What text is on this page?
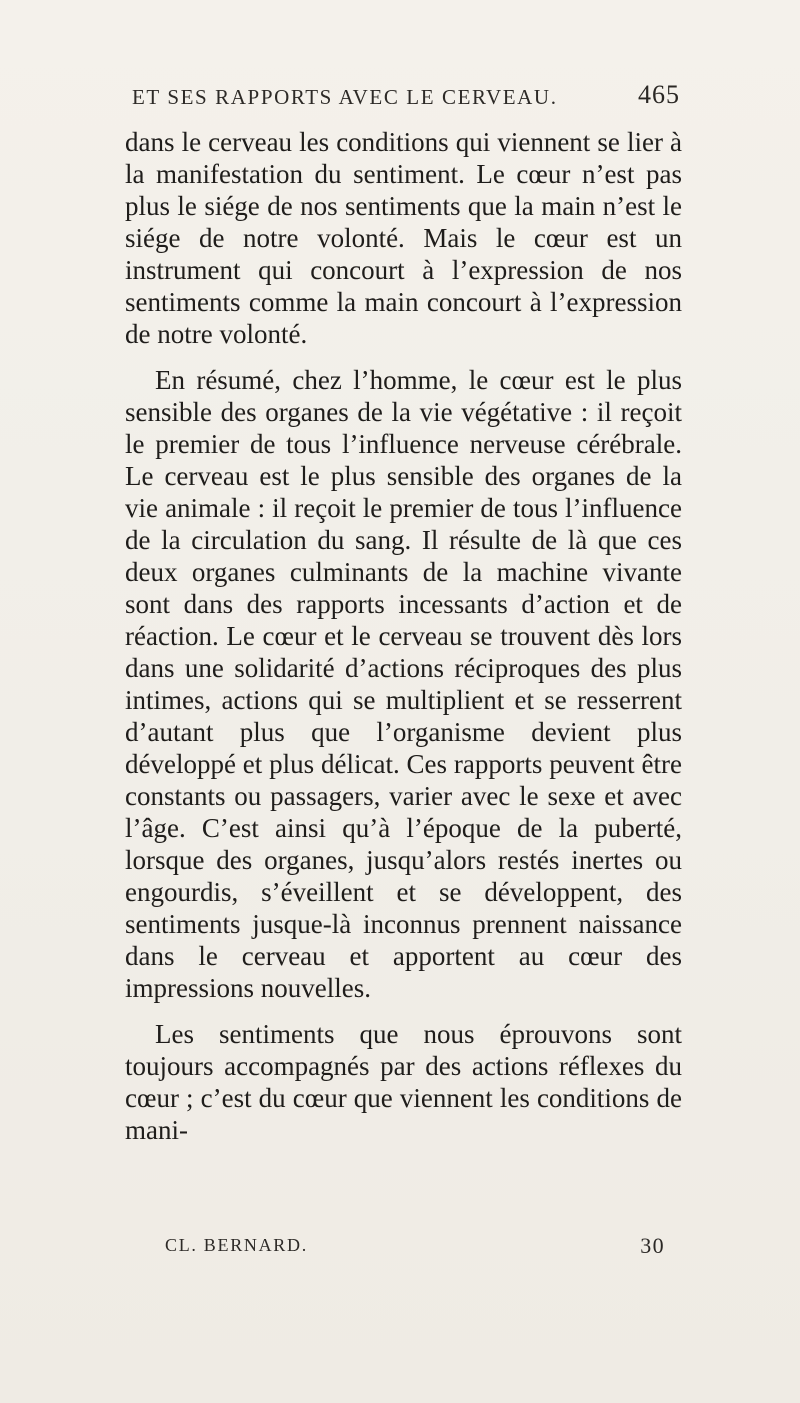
ET SES RAPPORTS AVEC LE CERVEAU.	465

dans le cerveau les conditions qui viennent se lier à la manifestation du sentiment. Le cœur n’est pas plus le siége de nos sentiments que la main n’est le siége de notre volonté. Mais le cœur est un instrument qui concourt à l’expression de nos sentiments comme la main concourt à l’expression de notre volonté.

En résumé, chez l’homme, le cœur est le plus sensible des organes de la vie végétative : il reçoit le premier de tous l’influence nerveuse cérébrale. Le cerveau est le plus sensible des organes de la vie animale : il reçoit le premier de tous l’influence de la circulation du sang. Il résulte de là que ces deux organes culminants de la machine vivante sont dans des rapports incessants d’action et de réaction. Le cœur et le cerveau se trouvent dès lors dans une solidarité d’actions réciproques des plus intimes, actions qui se multiplient et se resserrent d’autant plus que l’organisme devient plus développé et plus délicat. Ces rapports peuvent être constants ou passagers, varier avec le sexe et avec l’âge. C’est ainsi qu’à l’époque de la puberté, lorsque des organes, jusqu’alors restés inertes ou engourdis, s’éveillent et se développent, des sentiments jusque-là inconnus prennent naissance dans le cerveau et apportent au cœur des impressions nouvelles.

Les sentiments que nous éprouvons sont toujours accompagnés par des actions réflexes du cœur ; c’est du cœur que viennent les conditions de mani-

CL. BERNARD.	30
